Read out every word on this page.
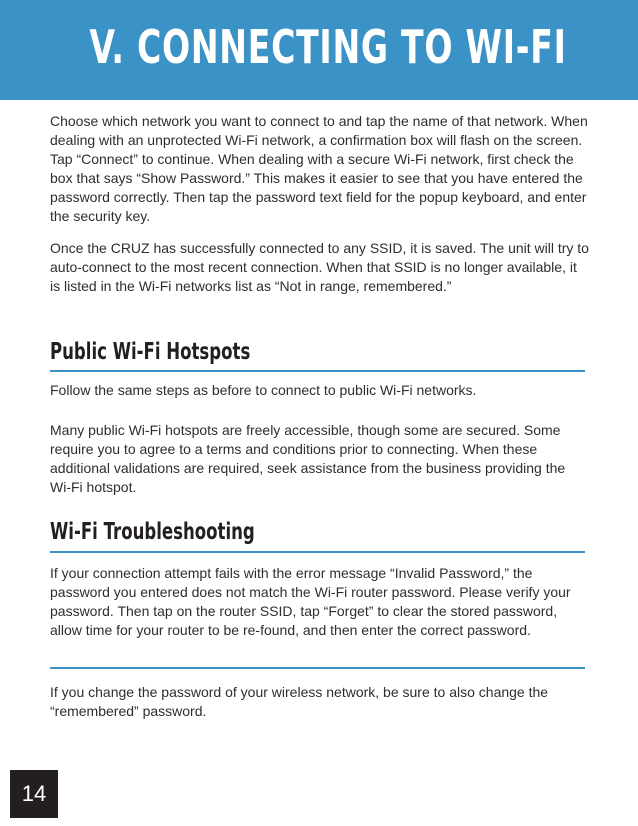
V. CONNECTING TO WI-FI

Choose which network you want to connect to and tap the name of that network. When dealing with an unprotected Wi-Fi network, a confirmation box will flash on the screen. Tap “Connect” to continue. When dealing with a secure Wi-Fi network, first check the box that says “Show Password.” This makes it easier to see that you have entered the password correctly. Then tap the password text field for the popup keyboard, and enter the security key.

Once the CRUZ has successfully connected to any SSID, it is saved. The unit will try to auto-connect to the most recent connection. When that SSID is no longer available, it is listed in the Wi-Fi networks list as “Not in range, remembered.”

Public Wi-Fi Hotspots

Follow the same steps as before to connect to public Wi-Fi networks.

Many public Wi-Fi hotspots are freely accessible, though some are secured. Some require you to agree to a terms and conditions prior to connecting. When these additional validations are required, seek assistance from the business providing the Wi-Fi hotspot.

Wi-Fi Troubleshooting

If your connection attempt fails with the error message “Invalid Password,” the password you entered does not match the Wi-Fi router password. Please verify your password. Then tap on the router SSID, tap “Forget” to clear the stored password, allow time for your router to be re-found, and then enter the correct password.

If you change the password of your wireless network, be sure to also change the “remembered” password.

14
